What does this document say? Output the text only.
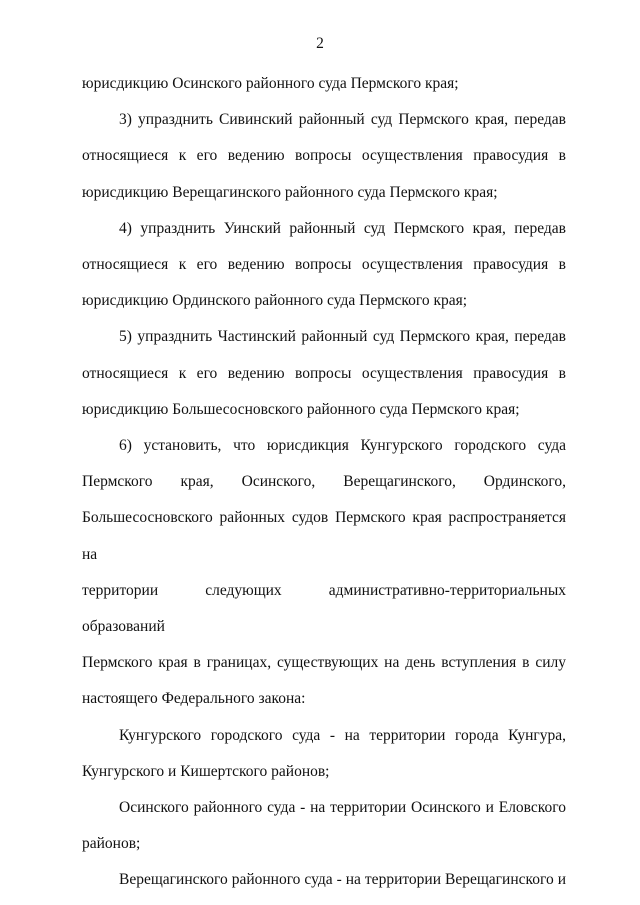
2
юрисдикцию Осинского районного суда Пермского края;
3) упразднить Сивинский районный суд Пермского края, передав
относящиеся к его ведению вопросы осуществления правосудия в
юрисдикцию Верещагинского районного суда Пермского края;
4) упразднить Уинский районный суд Пермского края, передав
относящиеся к его ведению вопросы осуществления правосудия в
юрисдикцию Ординского районного суда Пермского края;
5) упразднить Частинский районный суд Пермского края, передав
относящиеся к его ведению вопросы осуществления правосудия в
юрисдикцию Большесосновского районного суда Пермского края;
6) установить, что юрисдикция Кунгурского городского суда
Пермского края, Осинского, Верещагинского, Ординского,
Большесосновского районных судов Пермского края распространяется на
территории следующих административно-территориальных образований
Пермского края в границах, существующих на день вступления в силу
настоящего Федерального закона:
Кунгурского городского суда - на территории города Кунгура,
Кунгурского и Кишертского районов;
Осинского районного суда - на территории Осинского и Еловского
районов;
Верещагинского районного суда - на территории Верещагинского и
